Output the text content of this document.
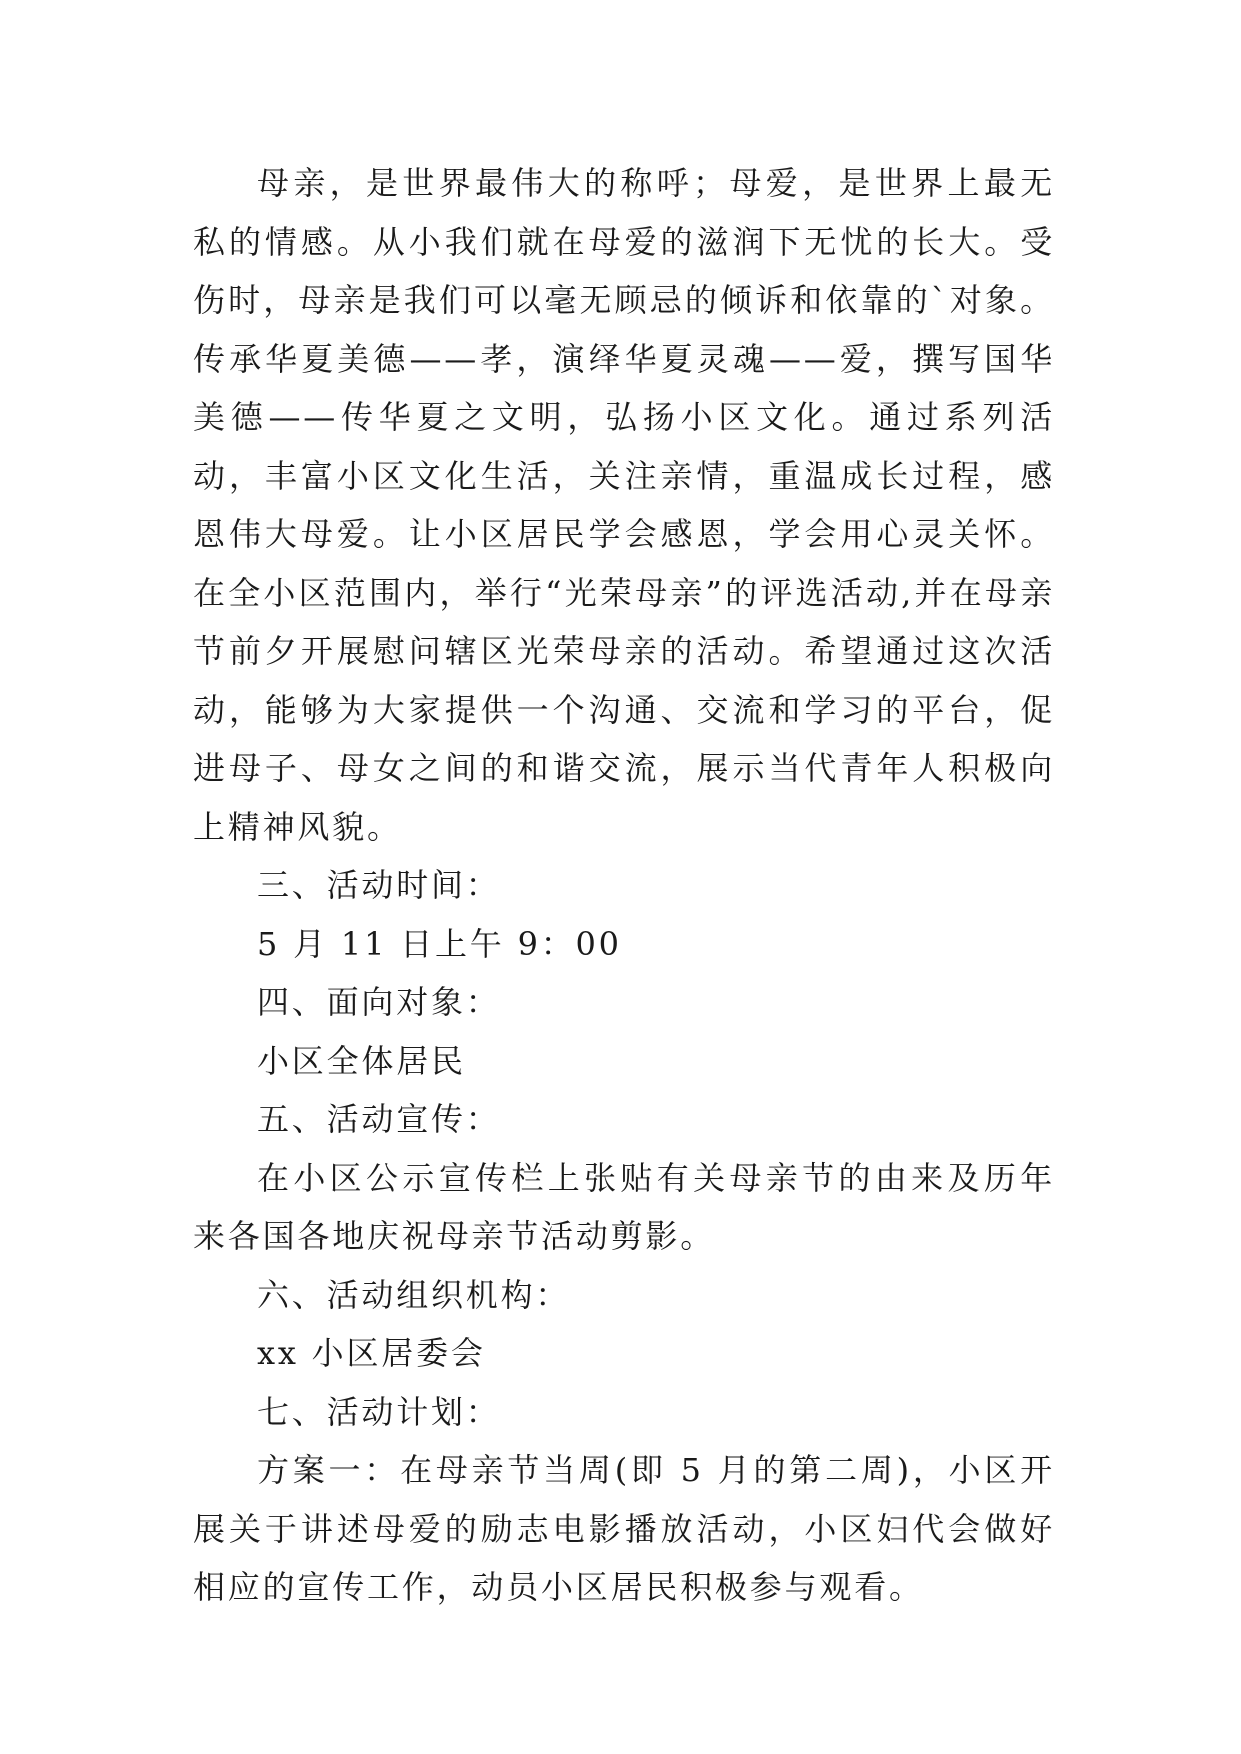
母亲，是世界最伟大的称呼；母爱，是世界上最无私的情感。从小我们就在母爱的滋润下无忧的长大。受伤时，母亲是我们可以毫无顾忌的倾诉和依靠的`对象。传承华夏美德——孝，演绎华夏灵魂——爱，撰写国华美德——传华夏之文明，弘扬小区文化。通过系列活动，丰富小区文化生活，关注亲情，重温成长过程，感恩伟大母爱。让小区居民学会感恩，学会用心灵关怀。在全小区范围内，举行“光荣母亲”的评选活动,并在母亲节前夕开展慰问辖区光荣母亲的活动。希望通过这次活动，能够为大家提供一个沟通、交流和学习的平台，促进母子、母女之间的和谐交流，展示当代青年人积极向上精神风貌。

三、活动时间：

5 月 11 日上午 9：00

四、面向对象：

小区全体居民

五、活动宣传：

在小区公示宣传栏上张贴有关母亲节的由来及历年来各国各地庆祝母亲节活动剪影。

六、活动组织机构：

xx 小区居委会

七、活动计划：

方案一：在母亲节当周(即 5 月的第二周)，小区开展关于讲述母爱的励志电影播放活动，小区妇代会做好相应的宣传工作，动员小区居民积极参与观看。
